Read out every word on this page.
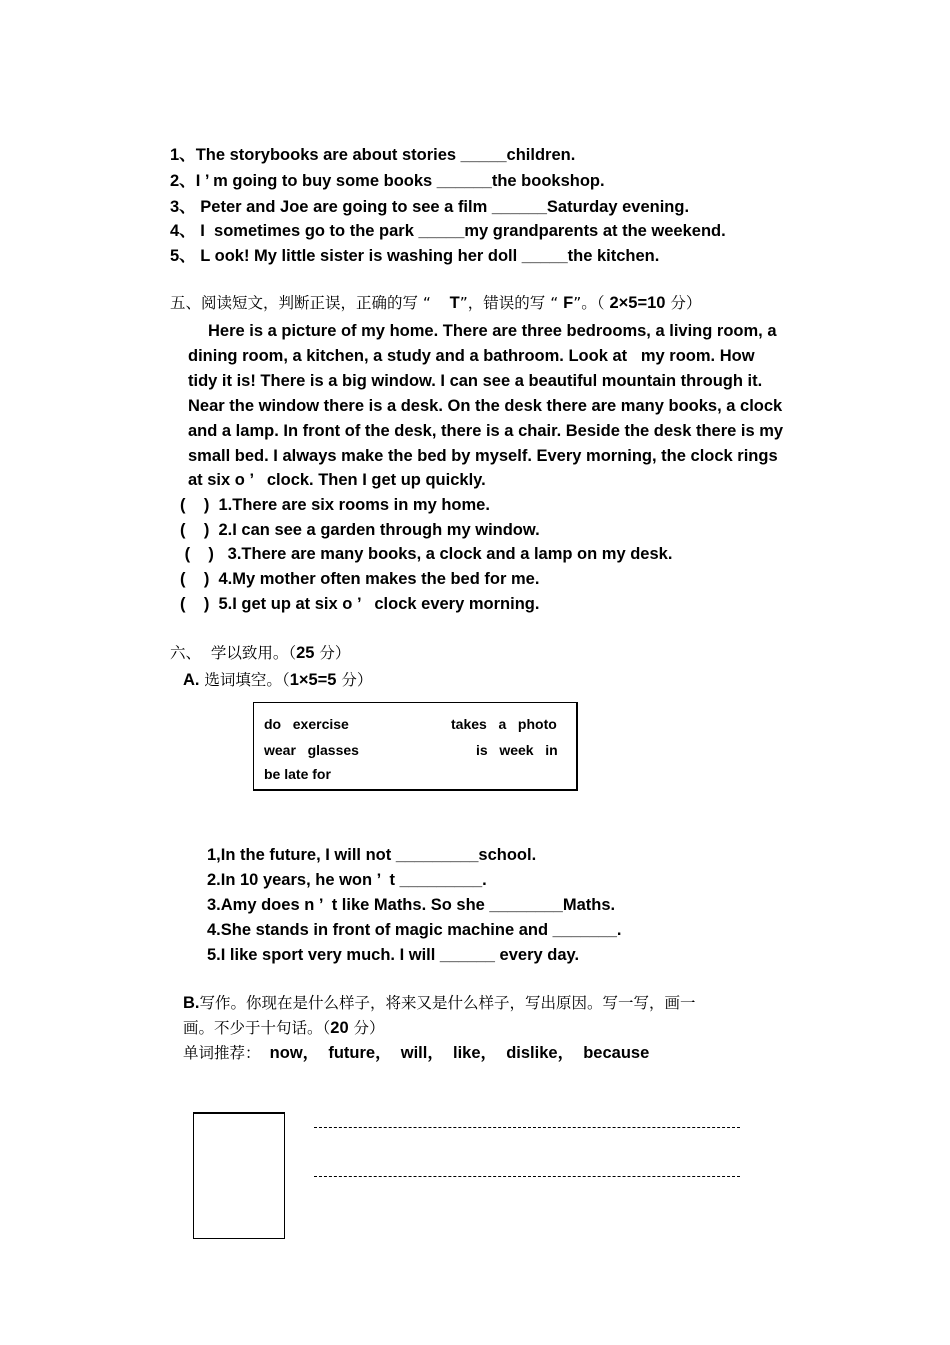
1、The storybooks are about stories _____children.
2、I ’ m going to buy some books ______the bookshop.
3、 Peter and Joe are going to see a film ______Saturday evening.
4、 I  sometimes go to the park _____my grandparents at the weekend.
5、 L ook! My little sister is washing her doll _____the kitchen.
五、阅读短文，判断正误，正确的写 “    T”，错误的写 “ F”。（ 2×5=10 分）
Here is a picture of my home. There are three bedrooms, a living room, a
dining room, a kitchen, a study and a bathroom. Look at   my room. How
tidy it is! There is a big window. I can see a beautiful mountain through it.
Near the window there is a desk. On the desk there are many books, a clock
and a lamp. In front of the desk, there is a chair. Beside the desk there is my
small bed. I always make the bed by myself. Every morning, the clock rings
at six o ’   clock. Then I get up quickly.
(    )  1.There are six rooms in my home.
(    )  2.I can see a garden through my window.
(    )   3.There are many books, a clock and a lamp on my desk.
(    )  4.My mother often makes the bed for me.
(    )  5.I get up at six o ’   clock every morning.
六、  学以致用。（25 分）
A. 选词填空。（1×5=5 分）
do   exercise	takes   a   photo
wear   glasses	is   week   in
be late for
1,In the future, I will not _________school.
2.In 10 years, he won ’  t _________.
3.Amy does n ’  t like Maths. So she ________Maths.
4.She stands in front of magic machine and _______.
5.I like sport very much. I will ______ every day.
B.写作。你现在是什么样子，将来又是什么样子，写出原因。写一写，画一
画。不少于十句话。（20 分）
单词推荐：  now，  future，  will，  like，  dislike，  because
